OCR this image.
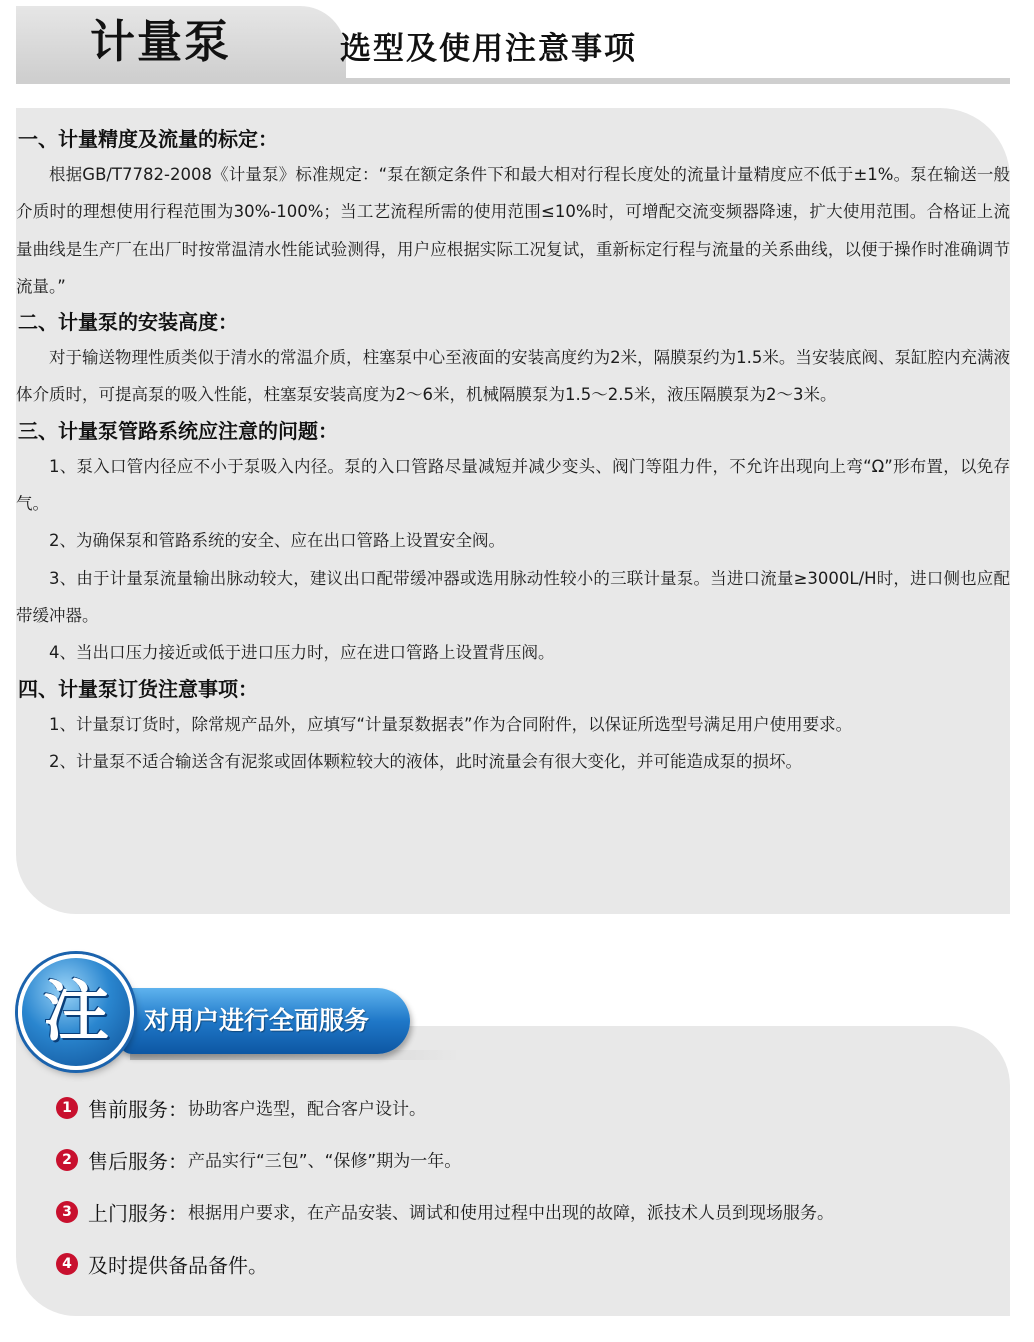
计量泵	选型及使用注意事项
一、计量精度及流量的标定：

根据GB/T7782-2008《计量泵》标准规定：“泵在额定条件下和最大相对行程长度处的流量计量精度应不低于±1%。泵在输送一般介质时的理想使用行程范围为30%-100%；当工艺流程所需的使用范围≤10%时，可增配交流变频器降速，扩大使用范围。合格证上流量曲线是生产厂在出厂时按常温清水性能试验测得，用户应根据实际工况复试，重新标定行程与流量的关系曲线，以便于操作时准确调节流量。”

二、计量泵的安装高度：

对于输送物理性质类似于清水的常温介质，柱塞泵中心至液面的安装高度约为2米，隔膜泵约为1.5米。当安装底阀、泵缸腔内充满液体介质时，可提高泵的吸入性能，柱塞泵安装高度为2～6米，机械隔膜泵为1.5～2.5米，液压隔膜泵为2～3米。

三、计量泵管路系统应注意的问题：

1、泵入口管内径应不小于泵吸入内径。泵的入口管路尽量减短并减少变头、阀门等阻力件，不允许出现向上弯“Ω”形布置，以免存气。

2、为确保泵和管路系统的安全、应在出口管路上设置安全阀。

3、由于计量泵流量输出脉动较大，建议出口配带缓冲器或选用脉动性较小的三联计量泵。当进口流量≥3000L/H时，进口侧也应配带缓冲器。

4、当出口压力接近或低于进口压力时，应在进口管路上设置背压阀。

四、计量泵订货注意事项：

1、计量泵订货时，除常规产品外，应填写“计量泵数据表”作为合同附件，以保证所选型号满足用户使用要求。

2、计量泵不适合输送含有泥浆或固体颗粒较大的液体，此时流量会有很大变化，并可能造成泵的损坏。

对用户进行全面服务
注
1 售前服务：协助客户选型，配合客户设计。
2 售后服务：产品实行“三包”、“保修”期为一年。
3 上门服务：根据用户要求，在产品安装、调试和使用过程中出现的故障，派技术人员到现场服务。
4 及时提供备品备件。
